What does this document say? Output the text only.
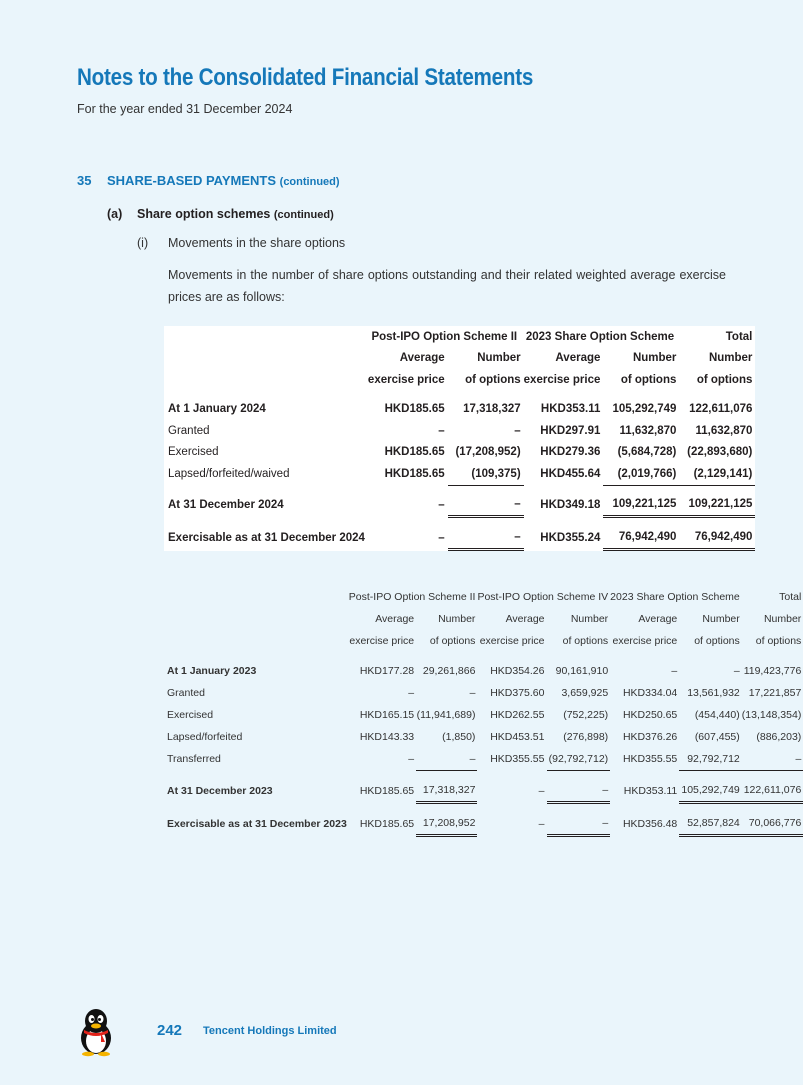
Notes to the Consolidated Financial Statements
For the year ended 31 December 2024
35 SHARE-BASED PAYMENTS (continued)
(a) Share option schemes (continued)
(i) Movements in the share options
Movements in the number of share options outstanding and their related weighted average exercise prices are as follows:
	Post-IPO Option Scheme II		2023 Share Option Scheme		Total
	Average	Number	Average	Number	Number
	exercise price	of options	exercise price	of options	of options

At 1 January 2024	HKD185.65	17,318,327	HKD353.11	105,292,749	122,611,076
Granted	–	–	HKD297.91	11,632,870	11,632,870
Exercised	HKD185.65	(17,208,952)	HKD279.36	(5,684,728)	(22,893,680)
Lapsed/forfeited/waived	HKD185.65	(109,375)	HKD455.64	(2,019,766)	(2,129,141)

At 31 December 2024	–	–	HKD349.18	109,221,125	109,221,125

Exercisable as at 31 December 2024	–	–	HKD355.24	76,942,490	76,942,490
	Post-IPO Option Scheme II		Post-IPO Option Scheme IV		2023 Share Option Scheme		Total
	Average	Number	Average	Number	Average	Number	Number
	exercise price	of options	exercise price	of options	exercise price	of options	of options

At 1 January 2023	HKD177.28	29,261,866	HKD354.26	90,161,910	–	–	119,423,776
Granted	–	–	HKD375.60	3,659,925	HKD334.04	13,561,932	17,221,857
Exercised	HKD165.15	(11,941,689)	HKD262.55	(752,225)	HKD250.65	(454,440)	(13,148,354)
Lapsed/forfeited	HKD143.33	(1,850)	HKD453.51	(276,898)	HKD376.26	(607,455)	(886,203)
Transferred	–	–	HKD355.55	(92,792,712)	HKD355.55	92,792,712	–

At 31 December 2023	HKD185.65	17,318,327	–	–	HKD353.11	105,292,749	122,611,076

Exercisable as at 31 December 2023	HKD185.65	17,208,952	–	–	HKD356.48	52,857,824	70,066,776
242 Tencent Holdings Limited
